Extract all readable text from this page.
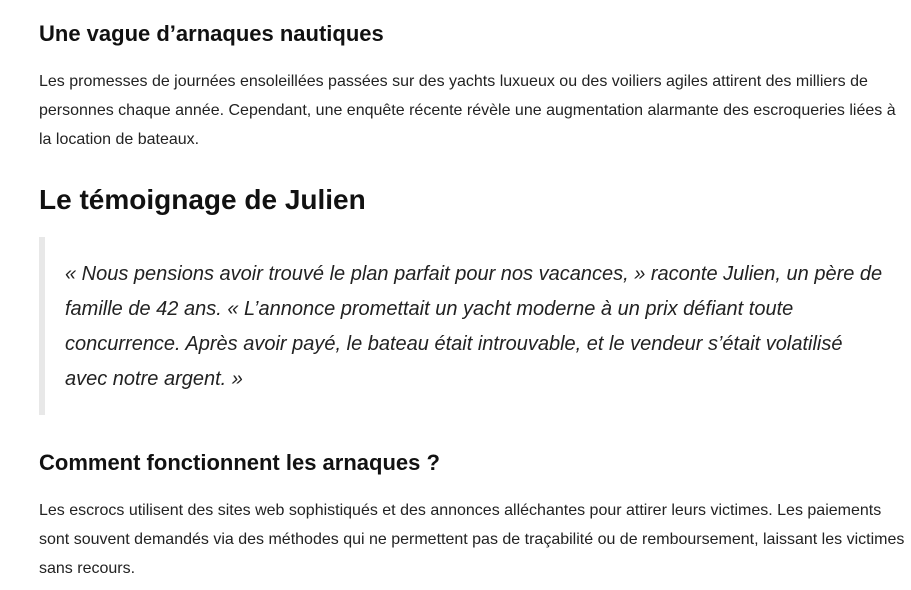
Une vague d’arnaques nautiques

Les promesses de journées ensoleillées passées sur des yachts luxueux ou des voiliers agiles attirent des milliers de personnes chaque année. Cependant, une enquête récente révèle une augmentation alarmante des escroqueries liées à la location de bateaux.

Le témoignage de Julien

« Nous pensions avoir trouvé le plan parfait pour nos vacances, » raconte Julien, un père de famille de 42 ans. « L’annonce promettait un yacht moderne à un prix défiant toute concurrence. Après avoir payé, le bateau était introuvable, et le vendeur s’était volatilisé avec notre argent. »

Comment fonctionnent les arnaques ?

Les escrocs utilisent des sites web sophistiqués et des annonces alléchantes pour attirer leurs victimes. Les paiements sont souvent demandés via des méthodes qui ne permettent pas de traçabilité ou de remboursement, laissant les victimes sans recours.
